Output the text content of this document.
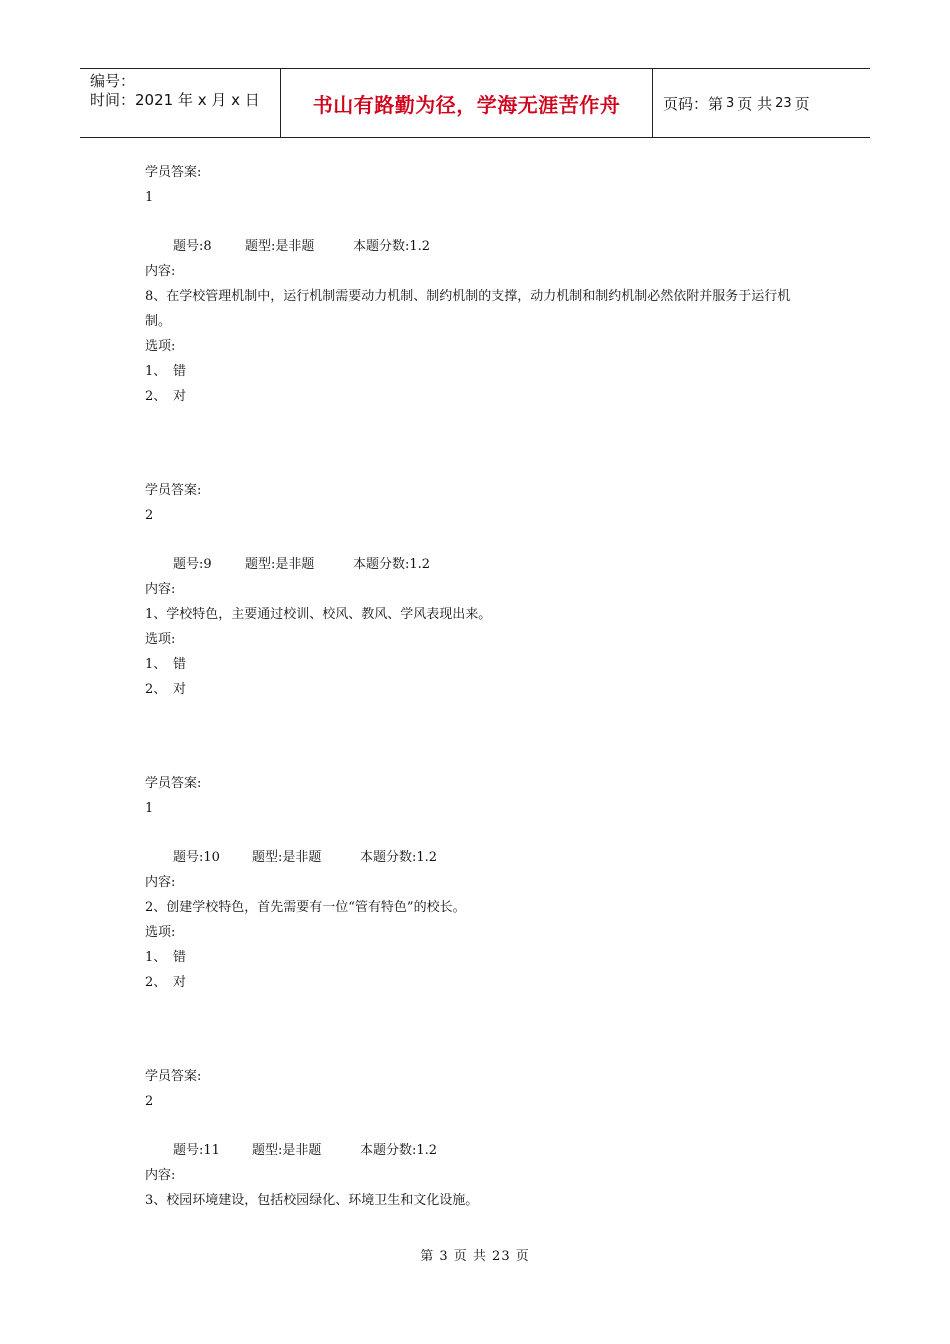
编号：
时间：2021 年 x 月 x 日	书山有路勤为径，学海无涯苦作舟	页码：第 3 页 共 23 页
学员答案:
1
题号:8	题型:是非题	本题分数:1.2
内容:
8、在学校管理机制中，运行机制需要动力机制、制约机制的支撑，动力机制和制约机制必然依附并服务于运行机制。
选项:
1、 错
2、 对
学员答案:
2
题号:9	题型:是非题	本题分数:1.2
内容:
1、学校特色，主要通过校训、校风、教风、学风表现出来。
选项:
1、 错
2、 对
学员答案:
1
题号:10 题型:是非题	本题分数:1.2
内容:
2、创建学校特色，首先需要有一位“管有特色”的校长。
选项:
1、 错
2、 对
学员答案:
2
题号:11 题型:是非题	本题分数:1.2
内容:
3、校园环境建设，包括校园绿化、环境卫生和文化设施。
第 3 页 共 23 页
